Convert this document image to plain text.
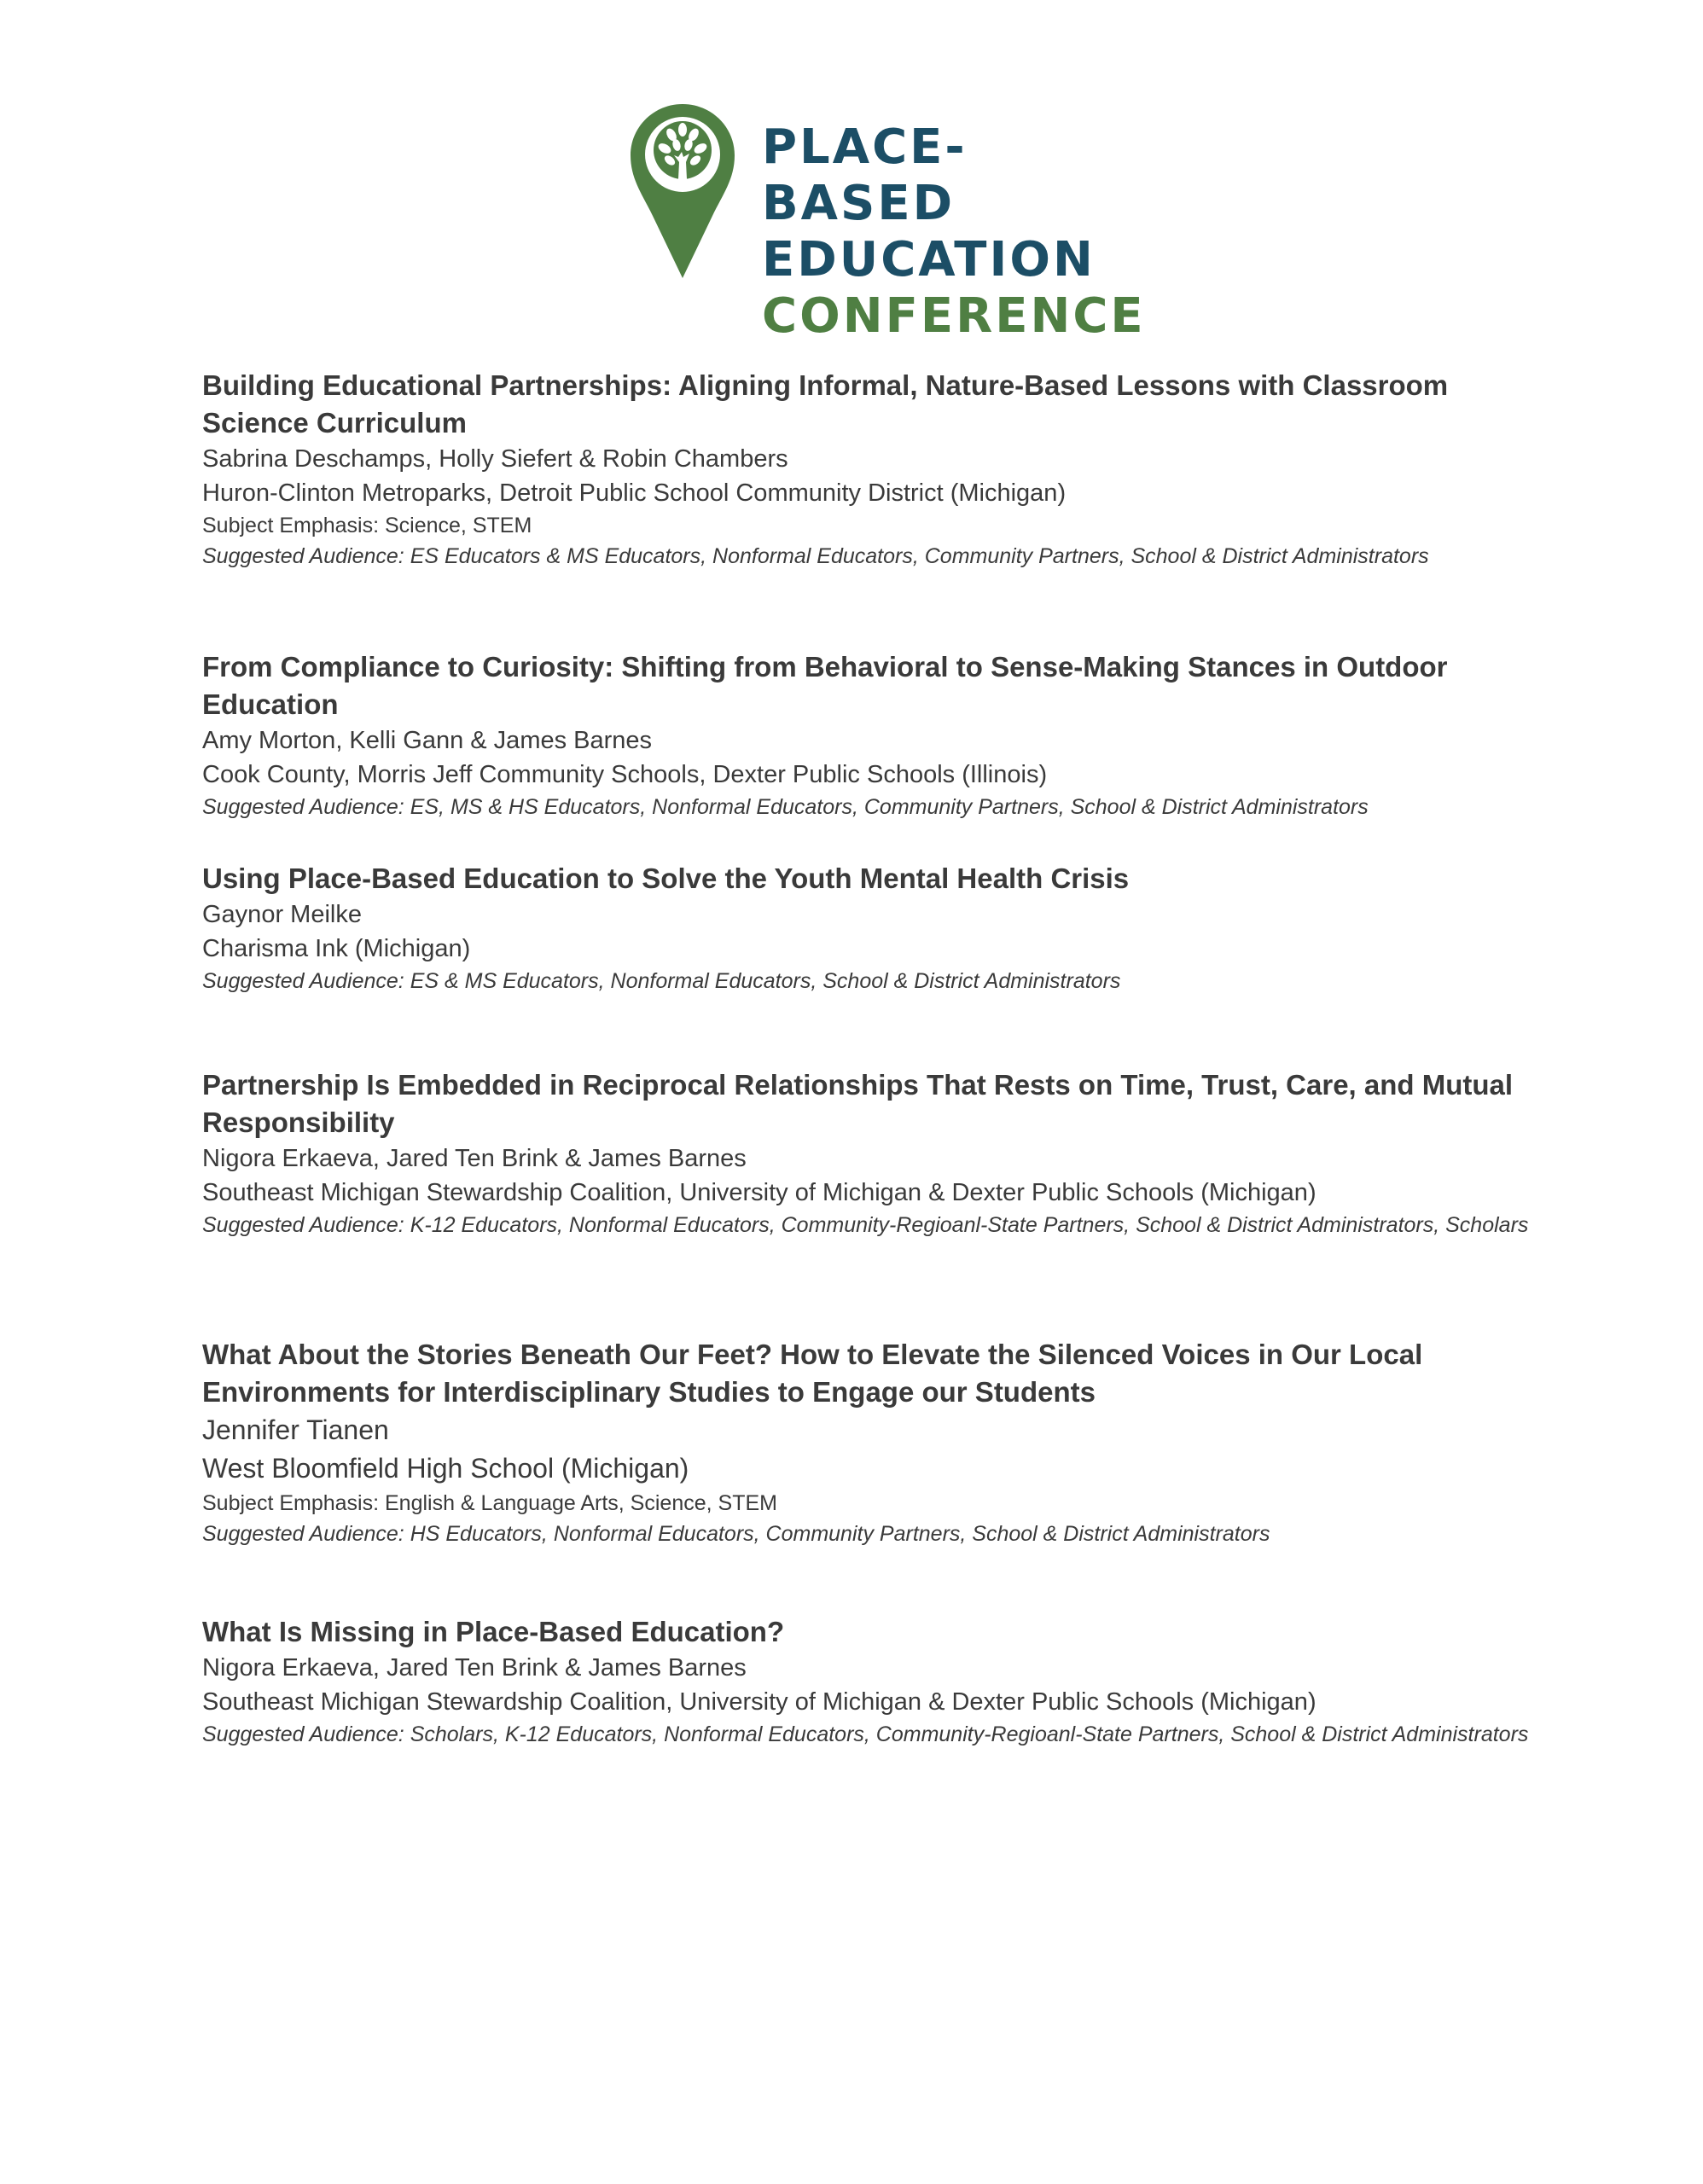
PLACE-BASED
EDUCATION
CONFERENCE
Building Educational Partnerships: Aligning Informal, Nature-Based Lessons with Classroom Science Curriculum
Sabrina Deschamps, Holly Siefert & Robin Chambers
Huron-Clinton Metroparks, Detroit Public School Community District (Michigan)
Subject Emphasis: Science, STEM
Suggested Audience: ES Educators & MS Educators, Nonformal Educators, Community Partners, School & District Administrators
From Compliance to Curiosity: Shifting from Behavioral to Sense-Making Stances in Outdoor Education
Amy Morton, Kelli Gann & James Barnes
Cook County, Morris Jeff Community Schools, Dexter Public Schools (Illinois)
Suggested Audience: ES, MS & HS Educators, Nonformal Educators, Community Partners, School & District Administrators
Using Place-Based Education to Solve the Youth Mental Health Crisis
Gaynor Meilke
Charisma Ink (Michigan)
Suggested Audience: ES & MS Educators, Nonformal Educators, School & District Administrators
Partnership Is Embedded in Reciprocal Relationships That Rests on Time, Trust, Care, and Mutual Responsibility
Nigora Erkaeva, Jared Ten Brink & James Barnes
Southeast Michigan Stewardship Coalition, University of Michigan & Dexter Public Schools (Michigan)
Suggested Audience: K-12 Educators, Nonformal Educators, Community-Regioanl-State Partners, School & District Administrators, Scholars
What About the Stories Beneath Our Feet? How to Elevate the Silenced Voices in Our Local Environments for Interdisciplinary Studies to Engage our Students
Jennifer Tianen
West Bloomfield High School (Michigan)
Subject Emphasis: English & Language Arts, Science, STEM
Suggested Audience: HS Educators, Nonformal Educators, Community Partners, School & District Administrators
What Is Missing in Place-Based Education?
Nigora Erkaeva, Jared Ten Brink & James Barnes
Southeast Michigan Stewardship Coalition, University of Michigan & Dexter Public Schools (Michigan)
Suggested Audience: Scholars, K-12 Educators, Nonformal Educators, Community-Regioanl-State Partners, School & District Administrators
